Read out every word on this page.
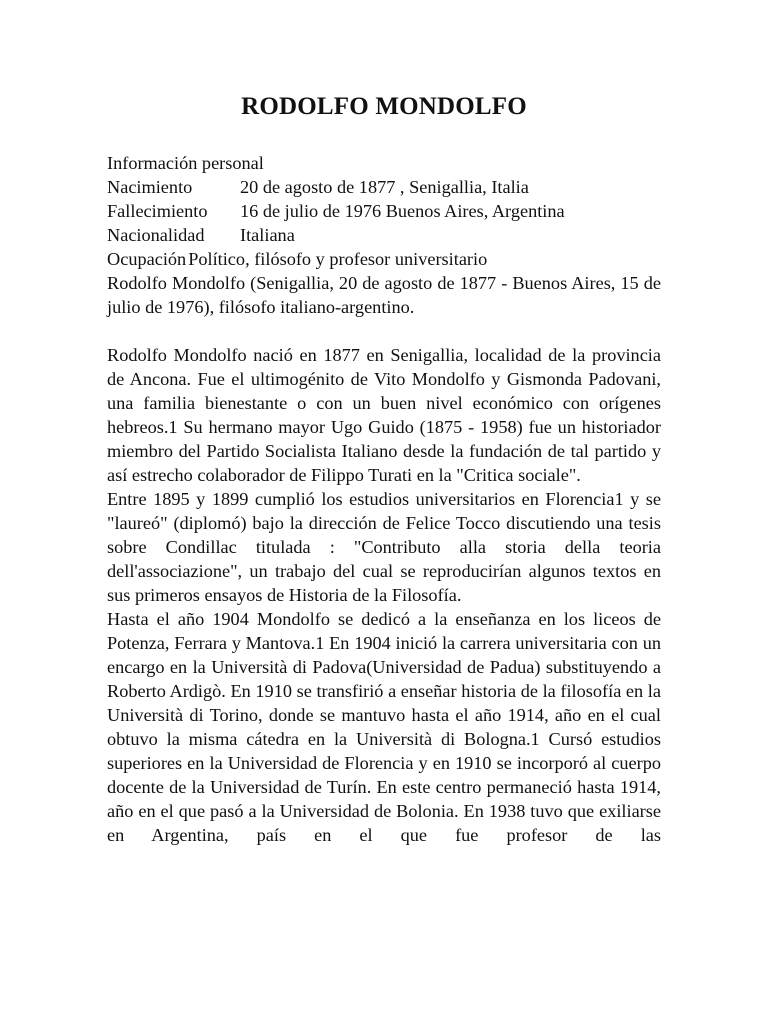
RODOLFO MONDOLFO
Información personal
Nacimiento	20 de agosto de 1877 , Senigallia, Italia
Fallecimiento	16 de julio de 1976 Buenos Aires, Argentina
Nacionalidad	Italiana
Ocupación Político, filósofo y profesor universitario

Rodolfo Mondolfo (Senigallia, 20 de agosto de 1877 - Buenos Aires, 15 de julio de 1976), filósofo italiano-argentino.

Rodolfo Mondolfo nació en 1877 en Senigallia, localidad de la provincia de Ancona. Fue el ultimogénito de Vito Mondolfo y Gismonda Padovani, una familia bienestante o con un buen nivel económico con orígenes hebreos.1 Su hermano mayor Ugo Guido (1875 - 1958) fue un historiador miembro del Partido Socialista Italiano desde la fundación de tal partido y así estrecho colaborador de Filippo Turati en la "Critica sociale".

Entre 1895 y 1899 cumplió los estudios universitarios en Florencia1 y se "laureó" (diplomó) bajo la dirección de Felice Tocco discutiendo una tesis sobre Condillac titulada : "Contributo alla storia della teoria dell'associazione", un trabajo del cual se reproducirían algunos textos en sus primeros ensayos de Historia de la Filosofía.

Hasta el año 1904 Mondolfo se dedicó a la enseñanza en los liceos de Potenza, Ferrara y Mantova.1 En 1904 inició la carrera universitaria con un encargo en la Università di Padova(Universidad de Padua) substituyendo a Roberto Ardigò. En 1910 se transfirió a enseñar historia de la filosofía en la Università di Torino, donde se mantuvo hasta el año 1914, año en el cual obtuvo la misma cátedra en la Università di Bologna.1 Cursó estudios superiores en la Universidad de Florencia y en 1910 se incorporó al cuerpo docente de la Universidad de Turín. En este centro permaneció hasta 1914, año en el que pasó a la Universidad de Bolonia. En 1938 tuvo que exiliarse en Argentina, país en el que fue profesor de las
